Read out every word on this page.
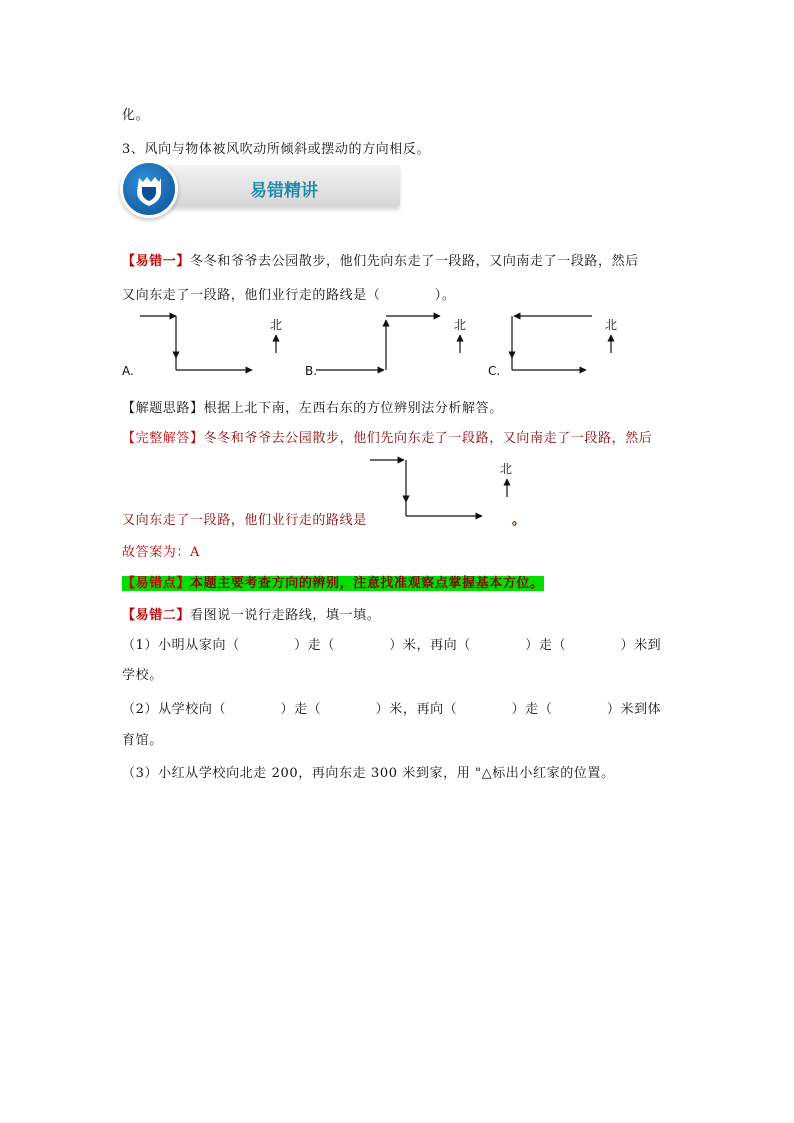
化。
3、风向与物体被风吹动所倾斜或摆动的方向相反。
易错精讲
【易错一】冬冬和爷爷去公园散步，他们先向东走了一段路，又向南走了一段路，然后
又向东走了一段路，他们业行走的路线是（　　　　）。
A.
北
B.
北
C.
北
【解题思路】根据上北下南，左西右东的方位辨别法分析解答。
【完整解答】冬冬和爷爷去公园散步，他们先向东走了一段路，又向南走了一段路，然后
北
又向东走了一段路，他们业行走的路线是	。
故答案为：A
【易错点】本题主要考查方向的辨别，注意找准观察点掌握基本方位。
【易错二】看图说一说行走路线，填一填。
（1）小明从家向（　　　　）走（　　　　）米，再向（　　　　）走（　　　　）米到
学校。
（2）从学校向（　　　　）走（　　　　）米，再向（　　　　）走（　　　　）米到体
育馆。
（3）小红从学校向北走 200，再向东走 300 米到家，用 "△标出小红家的位置。
